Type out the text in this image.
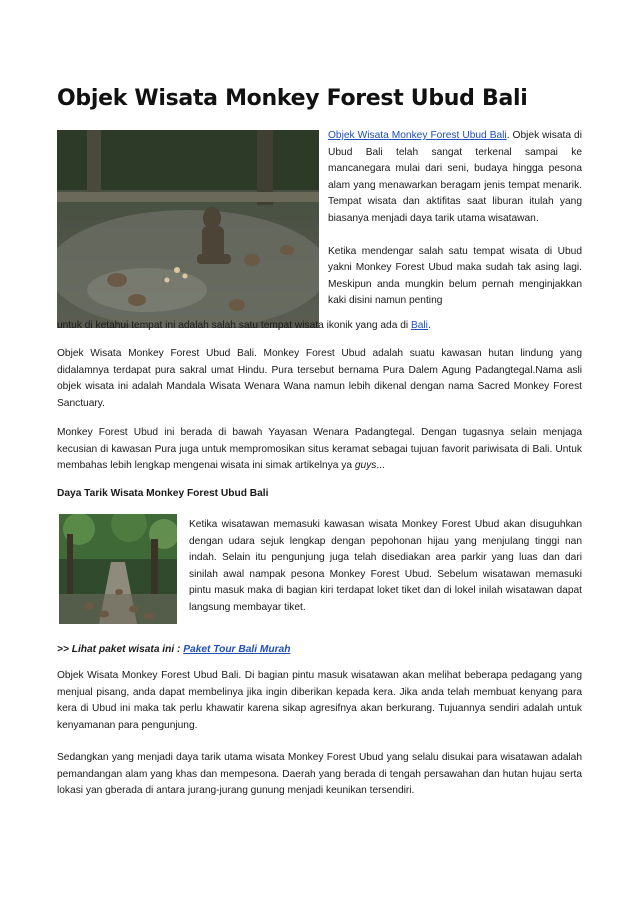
Objek Wisata Monkey Forest Ubud Bali

Objek Wisata Monkey Forest Ubud Bali. Objek wisata di Ubud Bali telah sangat terkenal sampai ke mancanegara mulai dari seni, budaya hingga pesona alam yang menawarkan beragam jenis tempat menarik. Tempat wisata dan aktifitas saat liburan itulah yang biasanya menjadi daya tarik utama wisatawan.

Ketika mendengar salah satu tempat wisata di Ubud yakni Monkey Forest Ubud maka sudah tak asing lagi. Meskipun anda mungkin belum pernah menginjakkan kaki disini namun penting

untuk di ketahui tempat ini adalah salah satu tempat wisata ikonik yang ada di Bali.

Objek Wisata Monkey Forest Ubud Bali. Monkey Forest Ubud adalah suatu kawasan hutan lindung yang didalamnya terdapat pura sakral umat Hindu. Pura tersebut bernama Pura Dalem Agung Padangtegal.Nama asli objek wisata ini adalah Mandala Wisata Wenara Wana namun lebih dikenal dengan nama Sacred Monkey Forest Sanctuary.

Monkey Forest Ubud ini berada di bawah Yayasan Wenara Padangtegal. Dengan tugasnya selain menjaga kecusian di kawasan Pura juga untuk mempromosikan situs keramat sebagai tujuan favorit pariwisata di Bali. Untuk membahas lebih lengkap mengenai wisata ini simak artikelnya ya guys...

Daya Tarik Wisata Monkey Forest Ubud Bali

Ketika wisatawan memasuki kawasan wisata Monkey Forest Ubud akan disuguhkan dengan udara sejuk lengkap dengan pepohonan hijau yang menjulang tinggi nan indah. Selain itu pengunjung juga telah disediakan area parkir yang luas dan dari sinilah awal nampak pesona Monkey Forest Ubud. Sebelum wisatawan memasuki pintu masuk maka di bagian kiri terdapat loket tiket dan di lokel inilah wisatawan dapat langsung membayar tiket.

>> Lihat paket wisata ini : Paket Tour Bali Murah

Objek Wisata Monkey Forest Ubud Bali. Di bagian pintu masuk wisatawan akan melihat beberapa pedagang yang menjual pisang, anda dapat membelinya jika ingin diberikan kepada kera. Jika anda telah membuat kenyang para kera di Ubud ini maka tak perlu khawatir karena sikap agresifnya akan berkurang. Tujuannya sendiri adalah untuk kenyamanan para pengunjung.

Sedangkan yang menjadi daya tarik utama wisata Monkey Forest Ubud yang selalu disukai para wisatawan adalah pemandangan alam yang khas dan mempesona. Daerah yang berada di tengah persawahan dan hutan hujau serta lokasi yan gberada di antara jurang-jurang gunung menjadi keunikan tersendiri.
